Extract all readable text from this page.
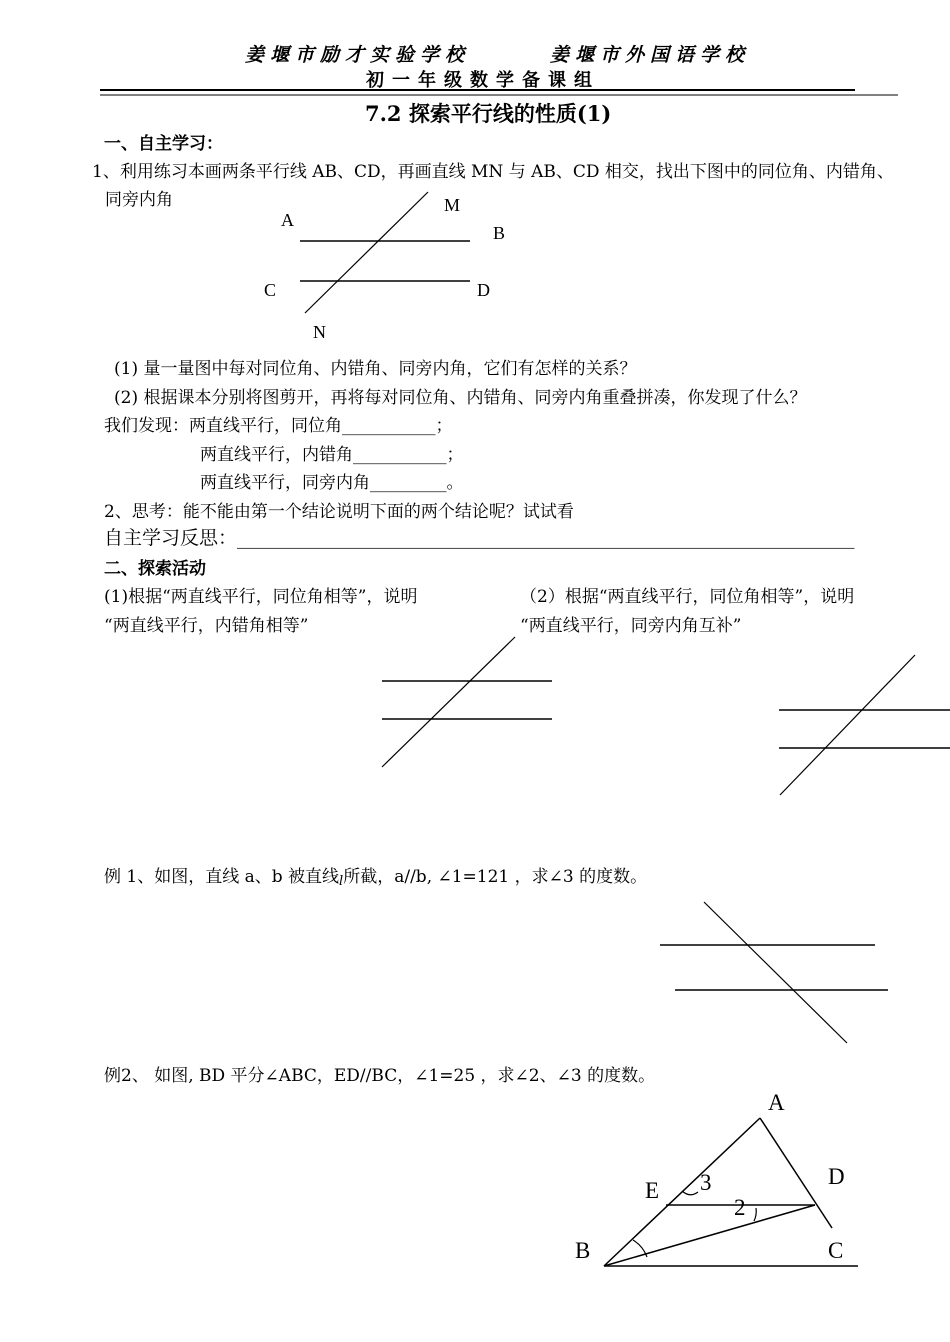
姜堰市励才实验学校	姜堰市外国语学校
初一年级数学备课组
7.2 探索平行线的性质(1)
一、自主学习：
1、利用练习本画两条平行线 AB、CD，再画直线 MN 与 AB、CD 相交，找出下图中的同位角、内错角、
同旁内角
A
M
B
C	D
N
(1) 量一量图中每对同位角、内错角、同旁内角，它们有怎样的关系？
(2) 根据课本分别将图剪开，再将每对同位角、内错角、同旁内角重叠拼凑，你发现了什么？
我们发现：两直线平行，同位角___________；
两直线平行，内错角___________；
两直线平行，同旁内角_________。
2、思考：能不能由第一个结论说明下面的两个结论呢？试试看
自主学习反思：_________________________________________________________________
二、探索活动
(1)根据“两直线平行，同位角相等”，说明
“两直线平行，内错角相等”
（2）根据“两直线平行，同位角相等”，说明
“两直线平行，同旁内角互补”
例 1、如图，直线 a、b 被直线l所截，a//b, ∠1=121 ，求∠3 的度数。
例2、 如图, BD 平分∠ABC，ED//BC，∠1=25 ，求∠2、∠3 的度数。
A
D
E 3
2
B	C
